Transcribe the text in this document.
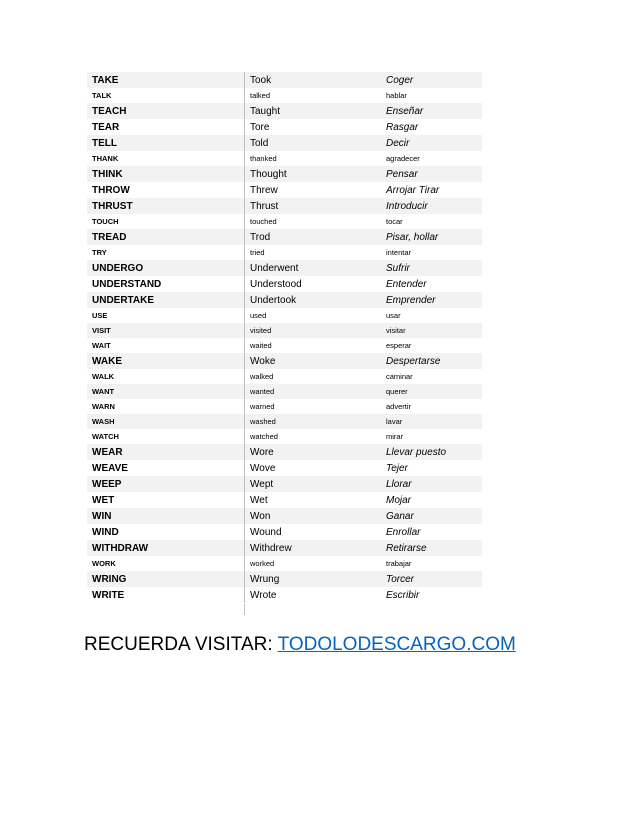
TAKE	Took	Coger
TALK	talked	hablar
TEACH	Taught	Enseñar
TEAR	Tore	Rasgar
TELL	Told	Decir
THANK	thanked	agradecer
THINK	Thought	Pensar
THROW	Threw	Arrojar Tirar
THRUST	Thrust	Introducir
TOUCH	touched	tocar
TREAD	Trod	Pisar, hollar
TRY	tried	intentar
UNDERGO	Underwent	Sufrir
UNDERSTAND	Understood	Entender
UNDERTAKE	Undertook	Emprender
USE	used	usar
VISIT	visited	visitar
WAIT	waited	esperar
WAKE	Woke	Despertarse
WALK	walked	caminar
WANT	wanted	querer
WARN	warned	advertir
WASH	washed	lavar
WATCH	watched	mirar
WEAR	Wore	Llevar puesto
WEAVE	Wove	Tejer
WEEP	Wept	Llorar
WET	Wet	Mojar
WIN	Won	Ganar
WIND	Wound	Enrollar
WITHDRAW	Withdrew	Retirarse
WORK	worked	trabajar
WRING	Wrung	Torcer
WRITE	Wrote	Escribir
RECUERDA VISITAR: TODOLODESCARGO.COM
